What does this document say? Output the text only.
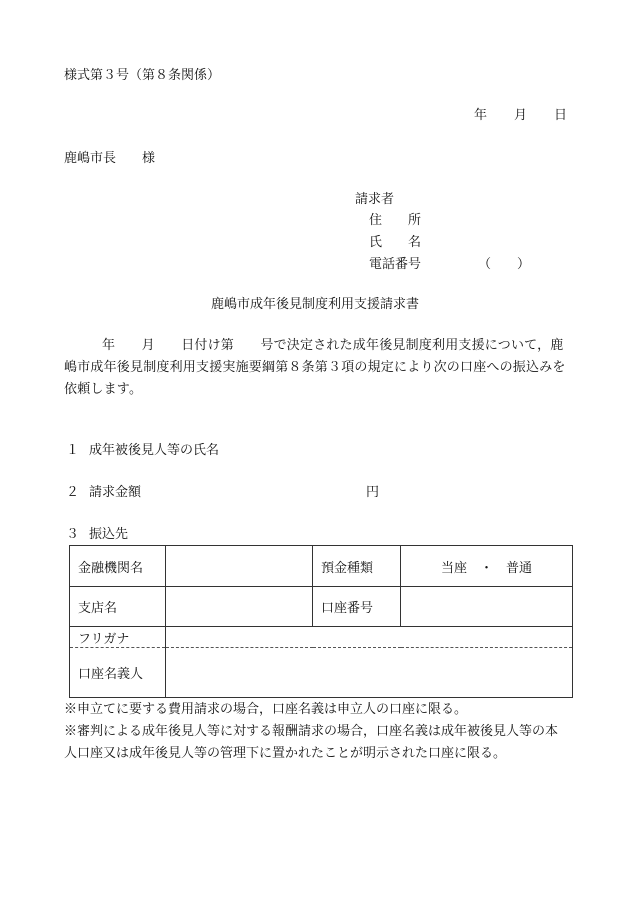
様式第３号（第８条関係）
年 月 日
鹿嶋市長 様
請求者
住　　所
氏　　名
電話番号	（　　）
鹿嶋市成年後見制度利用支援請求書
年　　月　　日付け第　　号で決定された成年後見制度利用支援について，鹿
嶋市成年後見制度利用支援実施要綱第８条第３項の規定により次の口座への振込みを
依頼します。
１ 成年被後見人等の氏名
２ 請求金額	円
３ 振込先
金融機関名		預金種類	当座　・　普通
支店名		口座番号	
フリガナ			
口座名義人			
※申立てに要する費用請求の場合，口座名義は申立人の口座に限る。
※審判による成年後見人等に対する報酬請求の場合，口座名義は成年被後見人等の本
人口座又は成年後見人等の管理下に置かれたことが明示された口座に限る。
